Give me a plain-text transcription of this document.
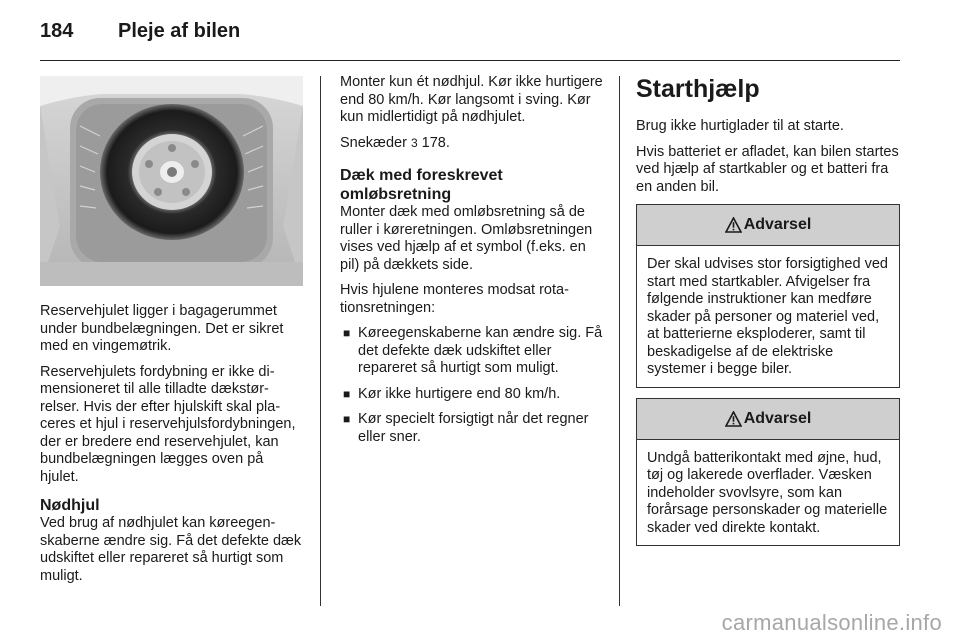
184 Pleje af bilen

Reservehjulet ligger i bagagerummet under bundbelægningen. Det er sikret med en vingemøtrik.

Reservehjulets fordybning er ikke dimensioneret til alle tilladte dækstørrelser. Hvis der efter hjulskift skal placeres et hjul i reservehjulsfordybningen, der er bredere end reservehjulet, kan bundbelægningen lægges oven på hjulet.

Nødhjul

Ved brug af nødhjulet kan køreegenskaberne ændre sig. Få det defekte dæk udskiftet eller repareret så hurtigt som muligt.

Monter kun ét nødhjul. Kør ikke hurtigere end 80 km/h. Kør langsomt i sving. Kør kun midlertidigt på nødhjulet.

Snekæder 3 178.

Dæk med foreskrevet omløbsretning

Monter dæk med omløbsretning så de ruller i køreretningen. Omløbsretningen vises ved hjælp af et symbol (f.eks. en pil) på dækkets side.

Hvis hjulene monteres modsat rotationsretningen:

■ Køreegenskaberne kan ændre sig. Få det defekte dæk udskiftet eller repareret så hurtigt som muligt.
■ Kør ikke hurtigere end 80 km/h.
■ Kør specielt forsigtigt når det regner eller sner.
Starthjælp

Brug ikke hurtiglader til at starte.

Hvis batteriet er afladet, kan bilen startes ved hjælp af startkabler og et batteri fra en anden bil.

Advarsel

Der skal udvises stor forsigtighed ved start med startkabler. Afvigelser fra følgende instruktioner kan medføre skader på personer og materiel ved, at batterierne eksploderer, samt til beskadigelse af de elektriske systemer i begge biler.

Advarsel

Undgå batterikontakt med øjne, hud, tøj og lakerede overflader. Væsken indeholder svovlsyre, som kan forårsage personskader og materielle skader ved direkte kontakt.

carmanualsonline.info
